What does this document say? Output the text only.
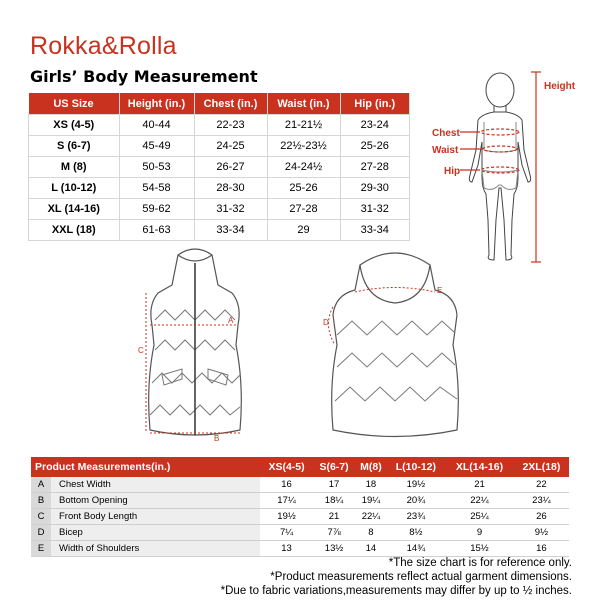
Rokka&Rolla
Girls’ Body Measurement
US Size	Height (in.)	Chest (in.)	Waist (in.)	Hip (in.)
XS (4-5)	40-44	22-23	21-21½	23-24
S (6-7)	45-49	24-25	22½-23½	25-26
M (8)	50-53	26-27	24-24½	27-28
L (10-12)	54-58	28-30	25-26	29-30
XL (14-16)	59-62	31-32	27-28	31-32
XXL (18)	61-63	33-34	29	33-34
Chest
Waist
Hip
Height
A
B
C
E
D
Product Measurements(in.)		XS(4-5)	S(6-7)	M(8)	L(10-12)	XL(14-16)	2XL(18)
A	Chest Width	16	17	18	19½	21	22
B	Bottom Opening	17¼	18¼	19¼	20¾	22¼	23¼
C	Front Body Length	19½	21	22¼	23¾	25¼	26
D	Bicep	7¼	7⅞	8	8½	9	9½
E	Width of Shoulders	13	13½	14	14¾	15½	16
*The size chart is for reference only.
*Product measurements reflect actual garment dimensions.
*Due to fabric variations,measurements may differ by up to ½ inches.
